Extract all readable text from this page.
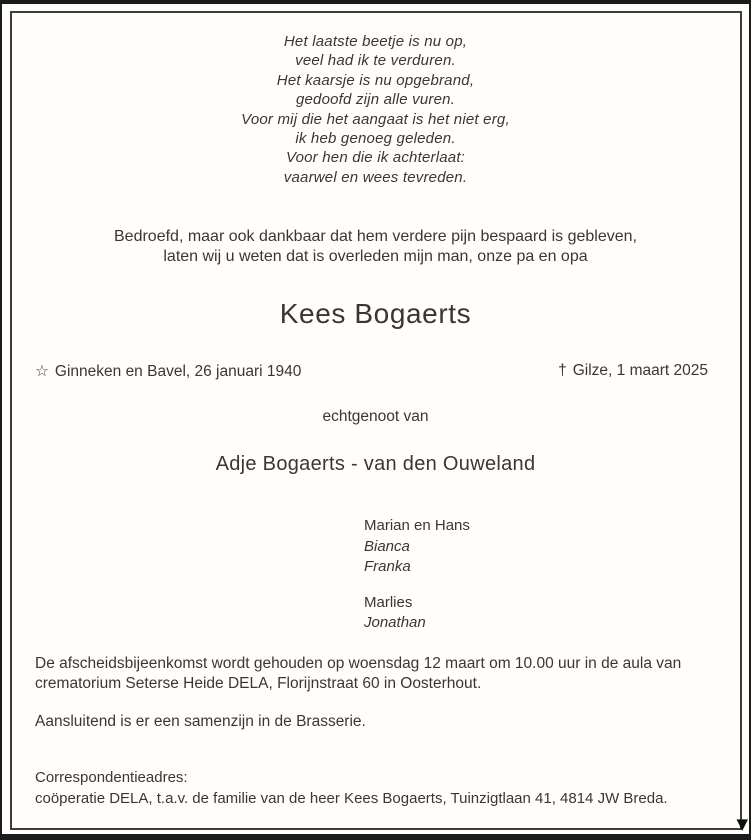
Het laatste beetje is nu op,
veel had ik te verduren.
Het kaarsje is nu opgebrand,
gedoofd zijn alle vuren.
Voor mij die het aangaat is het niet erg,
ik heb genoeg geleden.
Voor hen die ik achterlaat:
vaarwel en wees tevreden.
Bedroefd, maar ook dankbaar dat hem verdere pijn bespaard is gebleven,
laten wij u weten dat is overleden mijn man, onze pa en opa
Kees Bogaerts
☆ Ginneken en Bavel, 26 januari 1940	† Gilze, 1 maart 2025
echtgenoot van
Adje Bogaerts - van den Ouweland
Marian en Hans
Bianca
Franka
Marlies
Jonathan
De afscheidsbijeenkomst wordt gehouden op woensdag 12 maart om 10.00 uur in de aula van crematorium Seterse Heide DELA, Florijnstraat 60 in Oosterhout.
Aansluitend is er een samenzijn in de Brasserie.
Correspondentieadres:
coöperatie DELA, t.a.v. de familie van de heer Kees Bogaerts, Tuinzigtlaan 41, 4814 JW Breda.
▼
